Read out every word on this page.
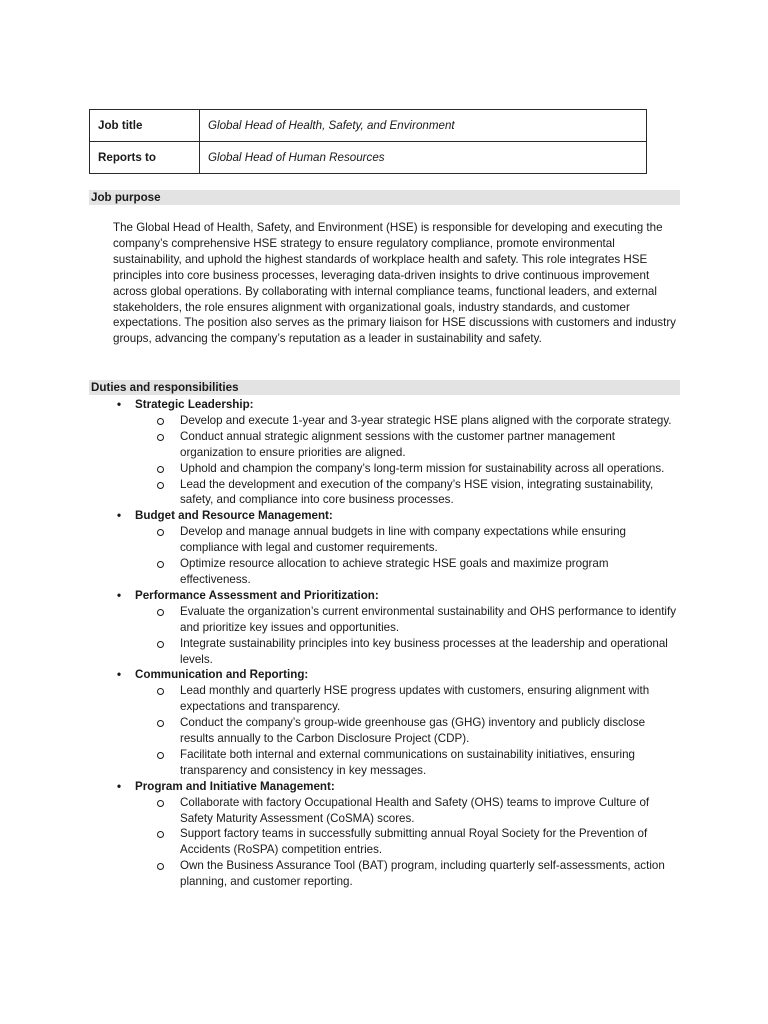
Job title	Global Head of Health, Safety, and Environment
Reports to	Global Head of Human Resources
Job purpose

The Global Head of Health, Safety, and Environment (HSE) is responsible for developing and executing the company’s comprehensive HSE strategy to ensure regulatory compliance, promote environmental sustainability, and uphold the highest standards of workplace health and safety. This role integrates HSE principles into core business processes, leveraging data-driven insights to drive continuous improvement across global operations. By collaborating with internal compliance teams, functional leaders, and external stakeholders, the role ensures alignment with organizational goals, industry standards, and customer expectations. The position also serves as the primary liaison for HSE discussions with customers and industry groups, advancing the company’s reputation as a leader in sustainability and safety.

Duties and responsibilities
•	Strategic Leadership:
Develop and execute 1-year and 3-year strategic HSE plans aligned with the corporate strategy.
Conduct annual strategic alignment sessions with the customer partner management organization to ensure priorities are aligned.
Uphold and champion the company’s long-term mission for sustainability across all operations.
Lead the development and execution of the company’s HSE vision, integrating sustainability, safety, and compliance into core business processes.
•	Budget and Resource Management:
Develop and manage annual budgets in line with company expectations while ensuring compliance with legal and customer requirements.
Optimize resource allocation to achieve strategic HSE goals and maximize program effectiveness.
•	Performance Assessment and Prioritization:
Evaluate the organization’s current environmental sustainability and OHS performance to identify and prioritize key issues and opportunities.
Integrate sustainability principles into key business processes at the leadership and operational levels.
•	Communication and Reporting:
Lead monthly and quarterly HSE progress updates with customers, ensuring alignment with expectations and transparency.
Conduct the company’s group-wide greenhouse gas (GHG) inventory and publicly disclose results annually to the Carbon Disclosure Project (CDP).
Facilitate both internal and external communications on sustainability initiatives, ensuring transparency and consistency in key messages.
•	Program and Initiative Management:
Collaborate with factory Occupational Health and Safety (OHS) teams to improve Culture of Safety Maturity Assessment (CoSMA) scores.
Support factory teams in successfully submitting annual Royal Society for the Prevention of Accidents (RoSPA) competition entries.
Own the Business Assurance Tool (BAT) program, including quarterly self-assessments, action planning, and customer reporting.
